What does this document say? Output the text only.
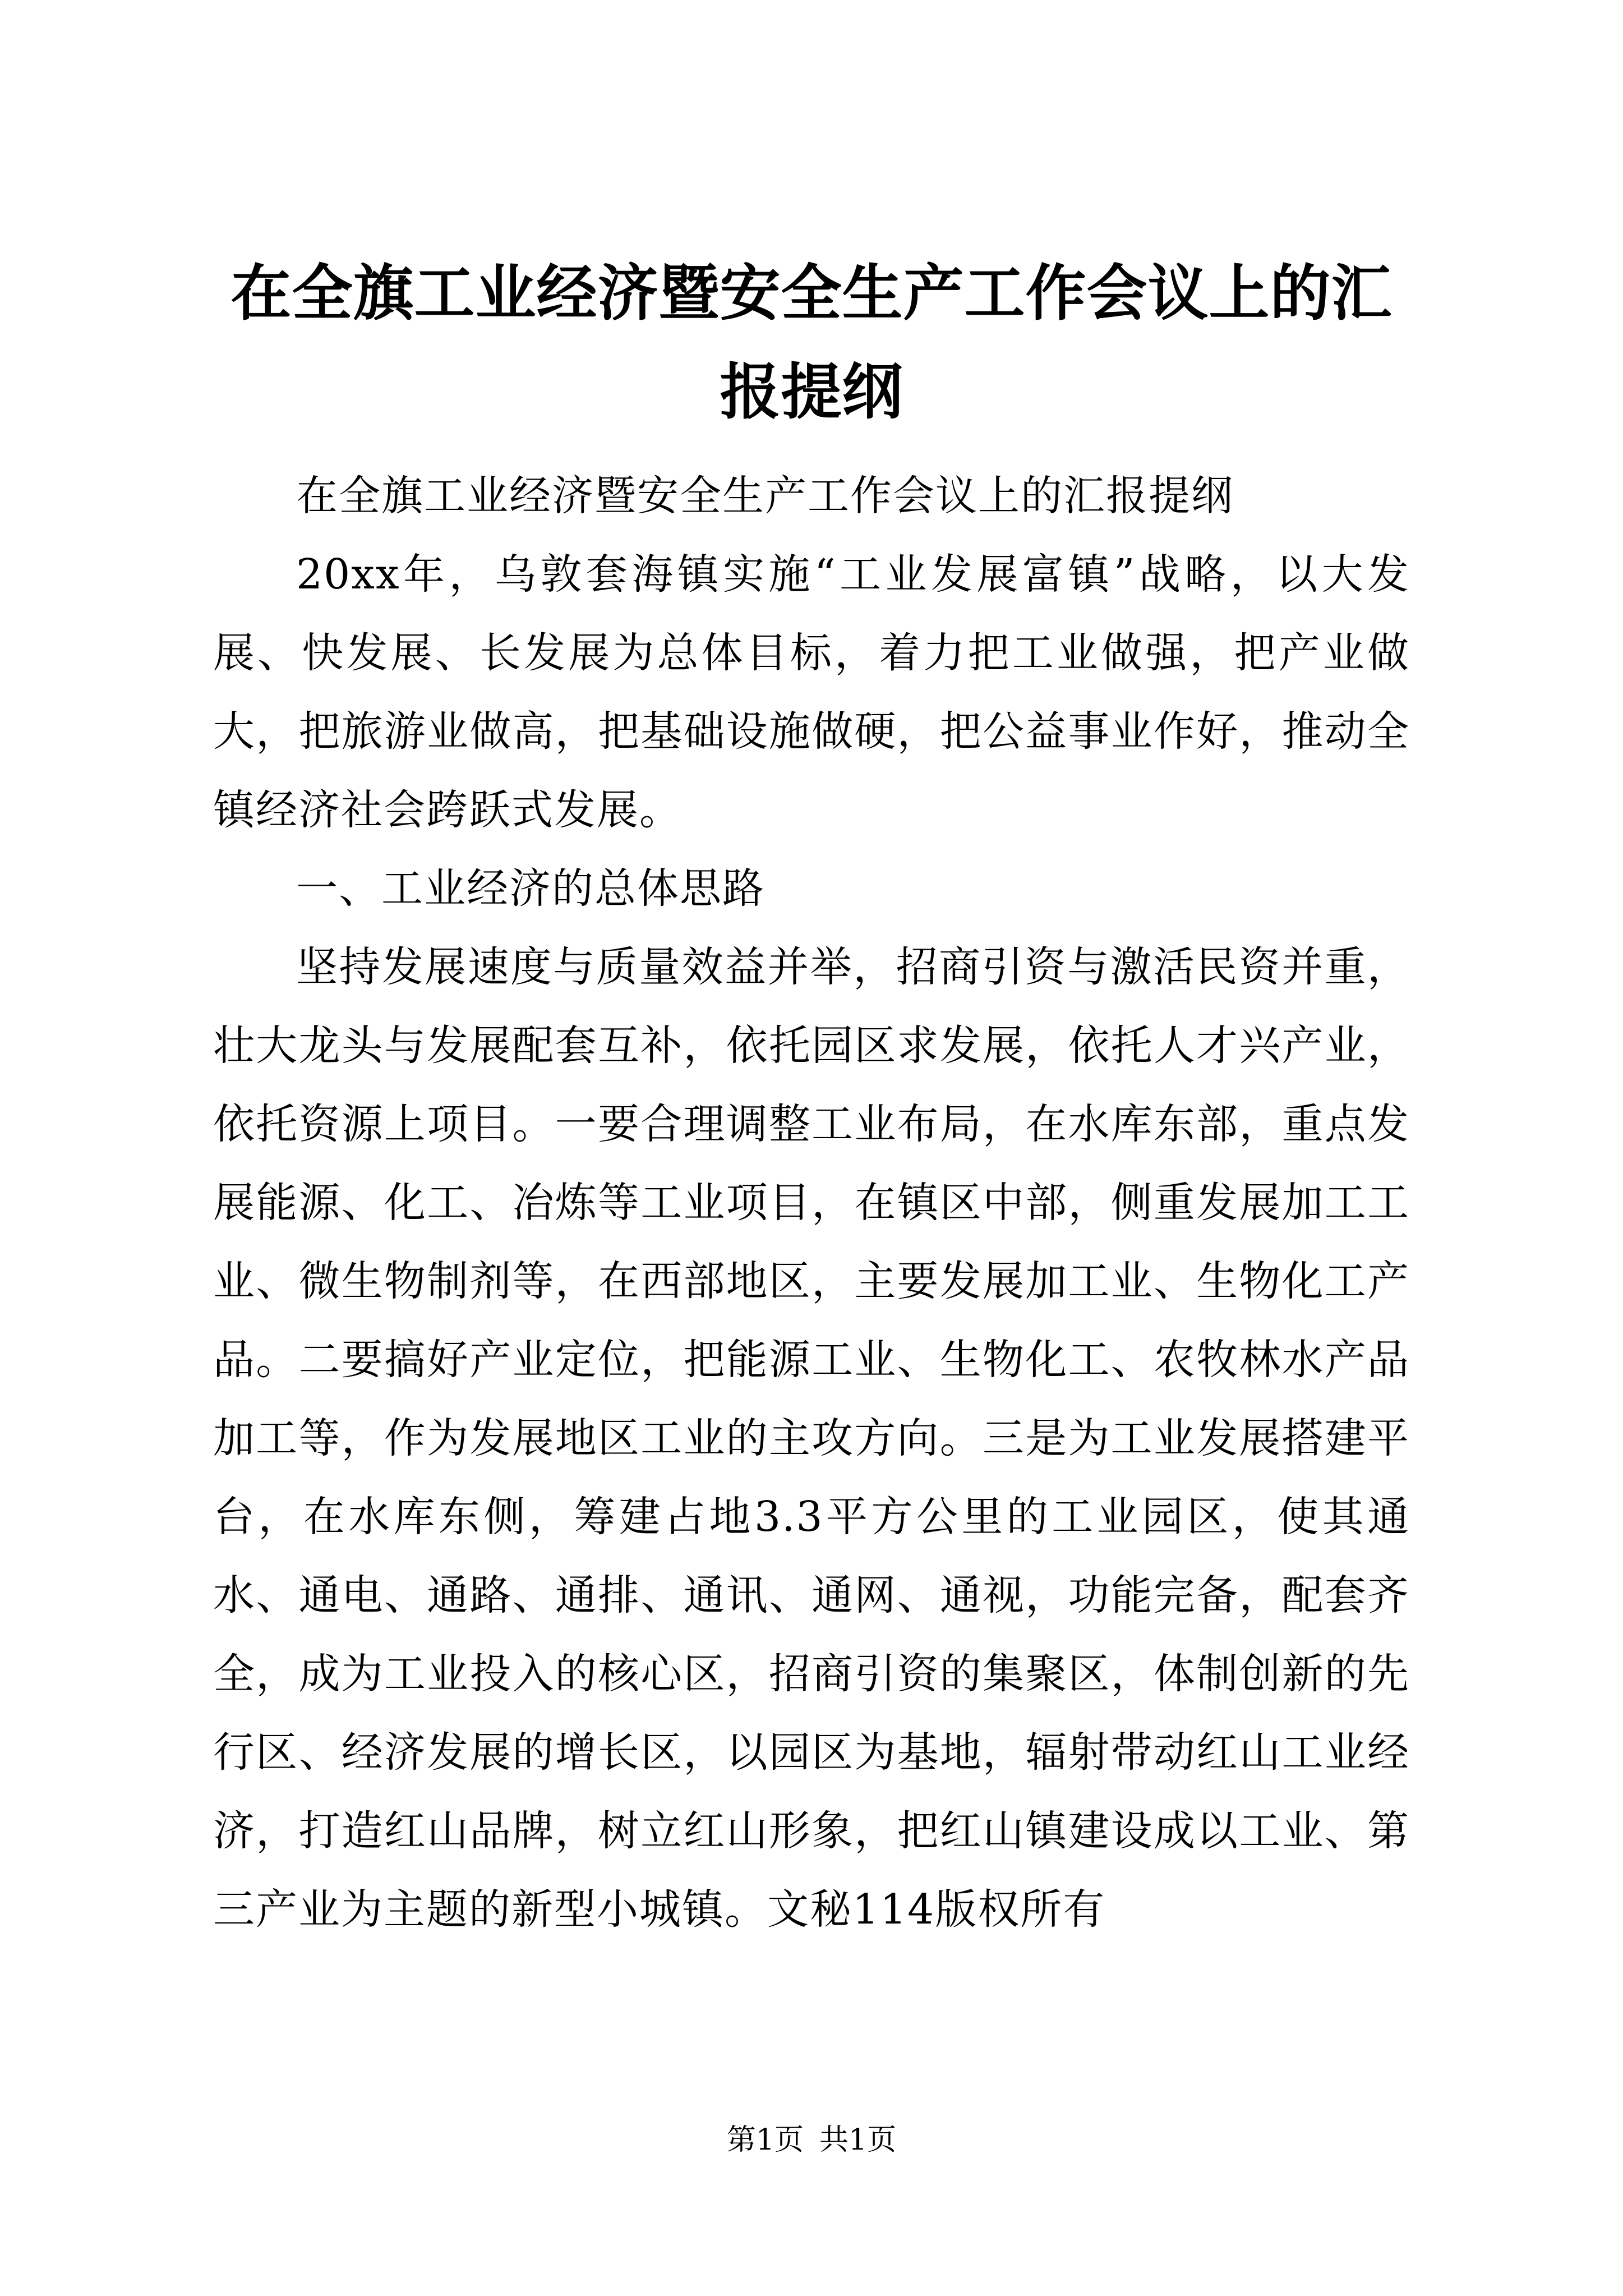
在全旗工业经济暨安全生产工作会议上的汇报提纲

在全旗工业经济暨安全生产工作会议上的汇报提纲

20xx年，乌敦套海镇实施“工业发展富镇”战略，以大发展、快发展、长发展为总体目标，着力把工业做强，把产业做大，把旅游业做高，把基础设施做硬，把公益事业作好，推动全镇经济社会跨跃式发展。

一、工业经济的总体思路

坚持发展速度与质量效益并举，招商引资与激活民资并重，壮大龙头与发展配套互补，依托园区求发展，依托人才兴产业，依托资源上项目。一要合理调整工业布局，在水库东部，重点发展能源、化工、冶炼等工业项目，在镇区中部，侧重发展加工工业、微生物制剂等，在西部地区，主要发展加工业、生物化工产品。二要搞好产业定位，把能源工业、生物化工、农牧林水产品加工等，作为发展地区工业的主攻方向。三是为工业发展搭建平台，在水库东侧，筹建占地3.3平方公里的工业园区，使其通水、通电、通路、通排、通讯、通网、通视，功能完备，配套齐全，成为工业投入的核心区，招商引资的集聚区，体制创新的先行区、经济发展的增长区，以园区为基地，辐射带动红山工业经济，打造红山品牌，树立红山形象，把红山镇建设成以工业、第三产业为主题的新型小城镇。文秘114版权所有

第1页 共1页
